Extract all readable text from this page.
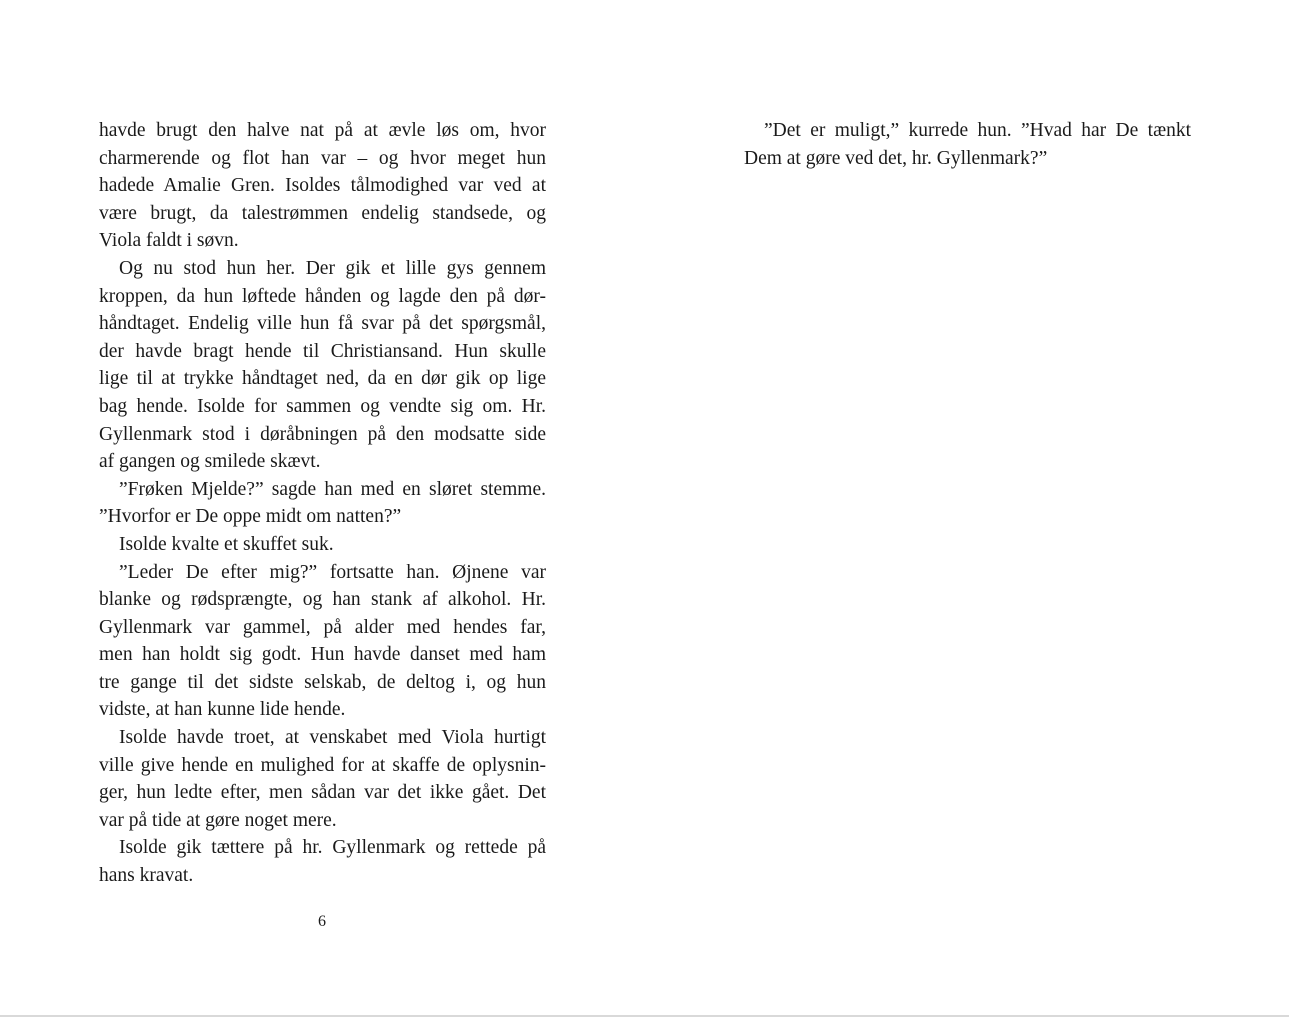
havde brugt den halve nat på at ævle løs om, hvor
charmerende og flot han var – og hvor meget hun
hadede Amalie Gren. Isoldes tålmodighed var ved at
være brugt, da talestrømmen endelig standsede, og
Viola faldt i søvn.
Og nu stod hun her. Der gik et lille gys gennem
kroppen, da hun løftede hånden og lagde den på dør-
håndtaget. Endelig ville hun få svar på det spørgsmål,
der havde bragt hende til Christiansand. Hun skulle
lige til at trykke håndtaget ned, da en dør gik op lige
bag hende. Isolde for sammen og vendte sig om. Hr.
Gyllenmark stod i døråbningen på den modsatte side
af gangen og smilede skævt.
”Frøken Mjelde?” sagde han med en sløret stemme.
”Hvorfor er De oppe midt om natten?”
Isolde kvalte et skuffet suk.
”Leder De efter mig?” fortsatte han. Øjnene var
blanke og rødsprængte, og han stank af alkohol. Hr.
Gyllenmark var gammel, på alder med hendes far,
men han holdt sig godt. Hun havde danset med ham
tre gange til det sidste selskab, de deltog i, og hun
vidste, at han kunne lide hende.
Isolde havde troet, at venskabet med Viola hurtigt
ville give hende en mulighed for at skaffe de oplysnin-
ger, hun ledte efter, men sådan var det ikke gået. Det
var på tide at gøre noget mere.
Isolde gik tættere på hr. Gyllenmark og rettede på
hans kravat.
6
”Det er muligt,” kurrede hun. ”Hvad har De tænkt
Dem at gøre ved det, hr. Gyllenmark?”
